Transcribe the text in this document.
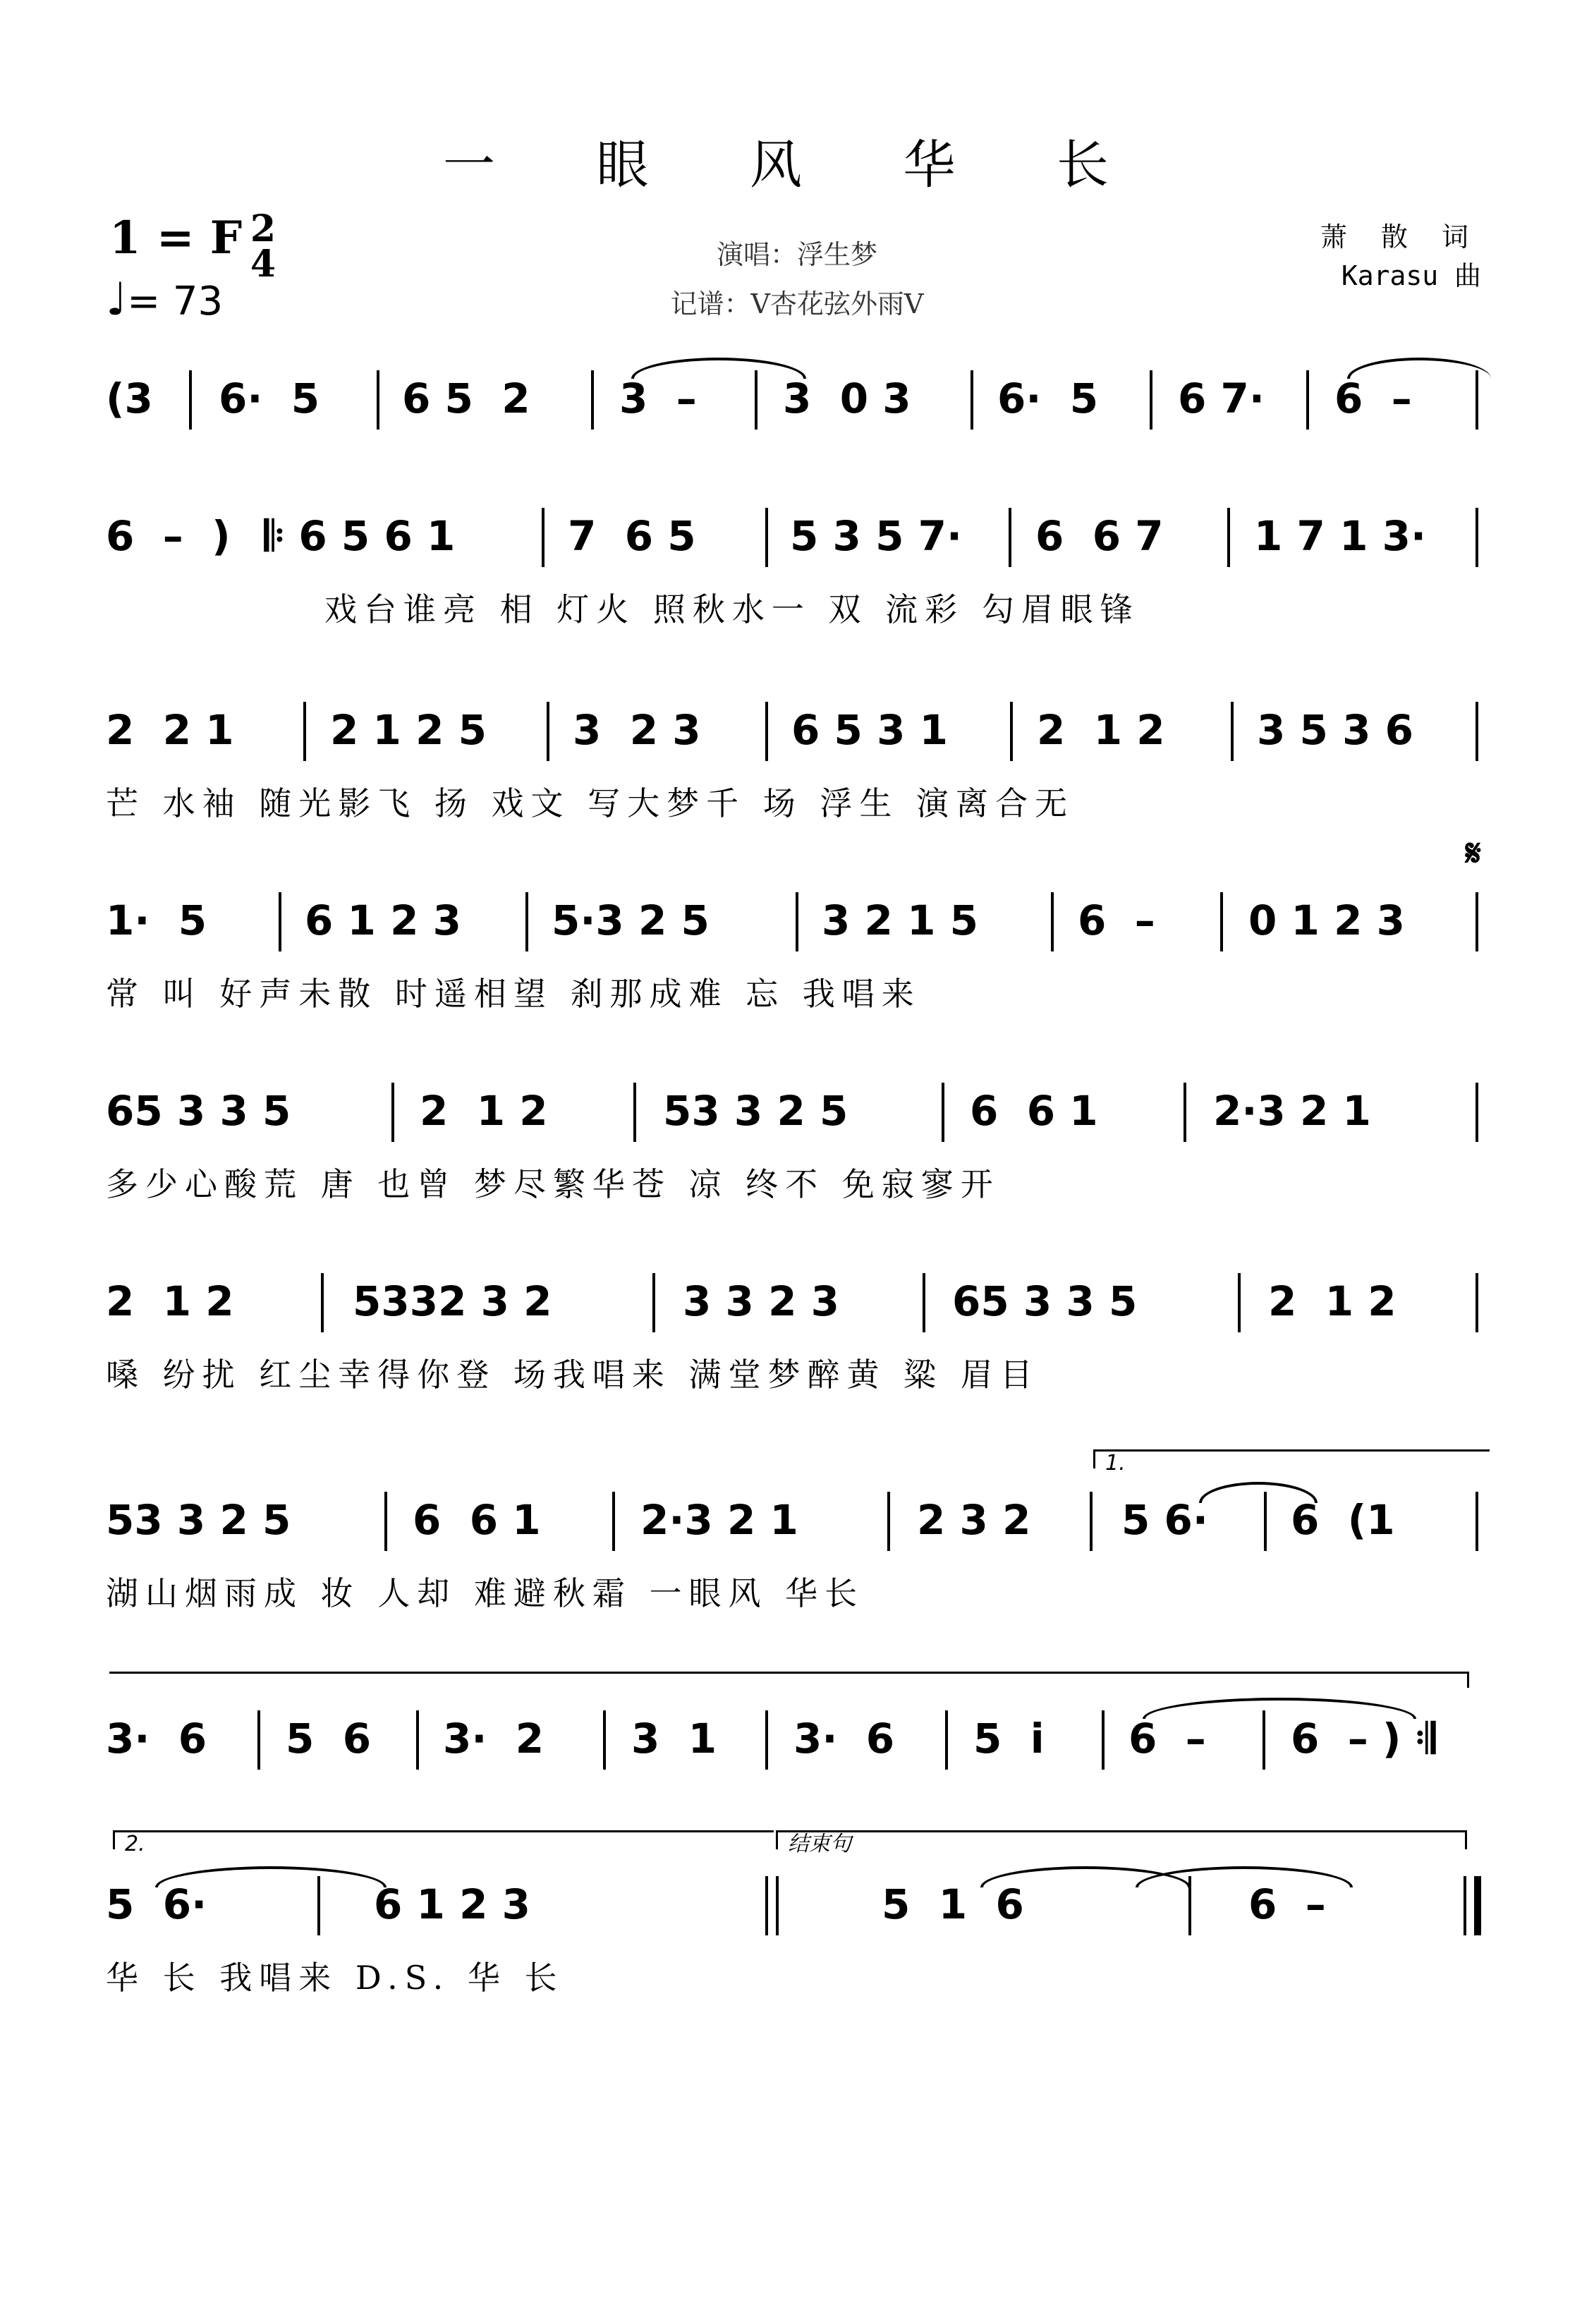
一 眼 风 华 长
1 = F 2
4
♩= 73
演唱：浮生梦
记谱：V杏花弦外雨V
萧 散 词
Karasu 曲
𝄋
(3 6·  5 6 5  2 3  – 3  0 3 6·  5 6 7· 6  –
6  –  ) 𝄆 6 5 6 1	7  6 5 5 3 5 7· 6  6 7 1 7 1 3·
戏台谁亮 相 灯火 照秋水一 双 流彩 勾眉眼锋
2  2 1 2 1 2 5 3  2 3 6 5 3 1 2  1 2 3 5 3 6
芒 水袖 随光影飞 扬 戏文 写大梦千 场 浮生 演离合无
1·  5 6 1 2 3 5·3 2 5	3 2 1 5 6  – 0 1 2 3
常 叫 好声未散 时遥相望 刹那成难 忘 我唱来
65 3 3 5	2  1 2	53 3 2 5	6  6 1	2·3 2 1
多少心酸荒 唐 也曾 梦尽繁华苍 凉 终不 免寂寥开
2  1 2	5332 3 2	3 3 2 3	65 3 3 5	2  1 2
嗓 纷扰 红尘幸得你登 场我唱来 满堂梦醉黄 粱 眉目
1.
53 3 2 5	6  6 1 2·3 2 1	2 3 2 5 6· 6  (1
湖山烟雨成 妆 人却 难避秋霜 一眼风 华长
3·  6 5  6 3·  2 3  1 3·  6 5  i 6  – 6  – ) 𝄇
2.	结束句
5  6·	6 1 2 3	5  1  6	6  –
华 长 我唱来 D.S. 华 长
